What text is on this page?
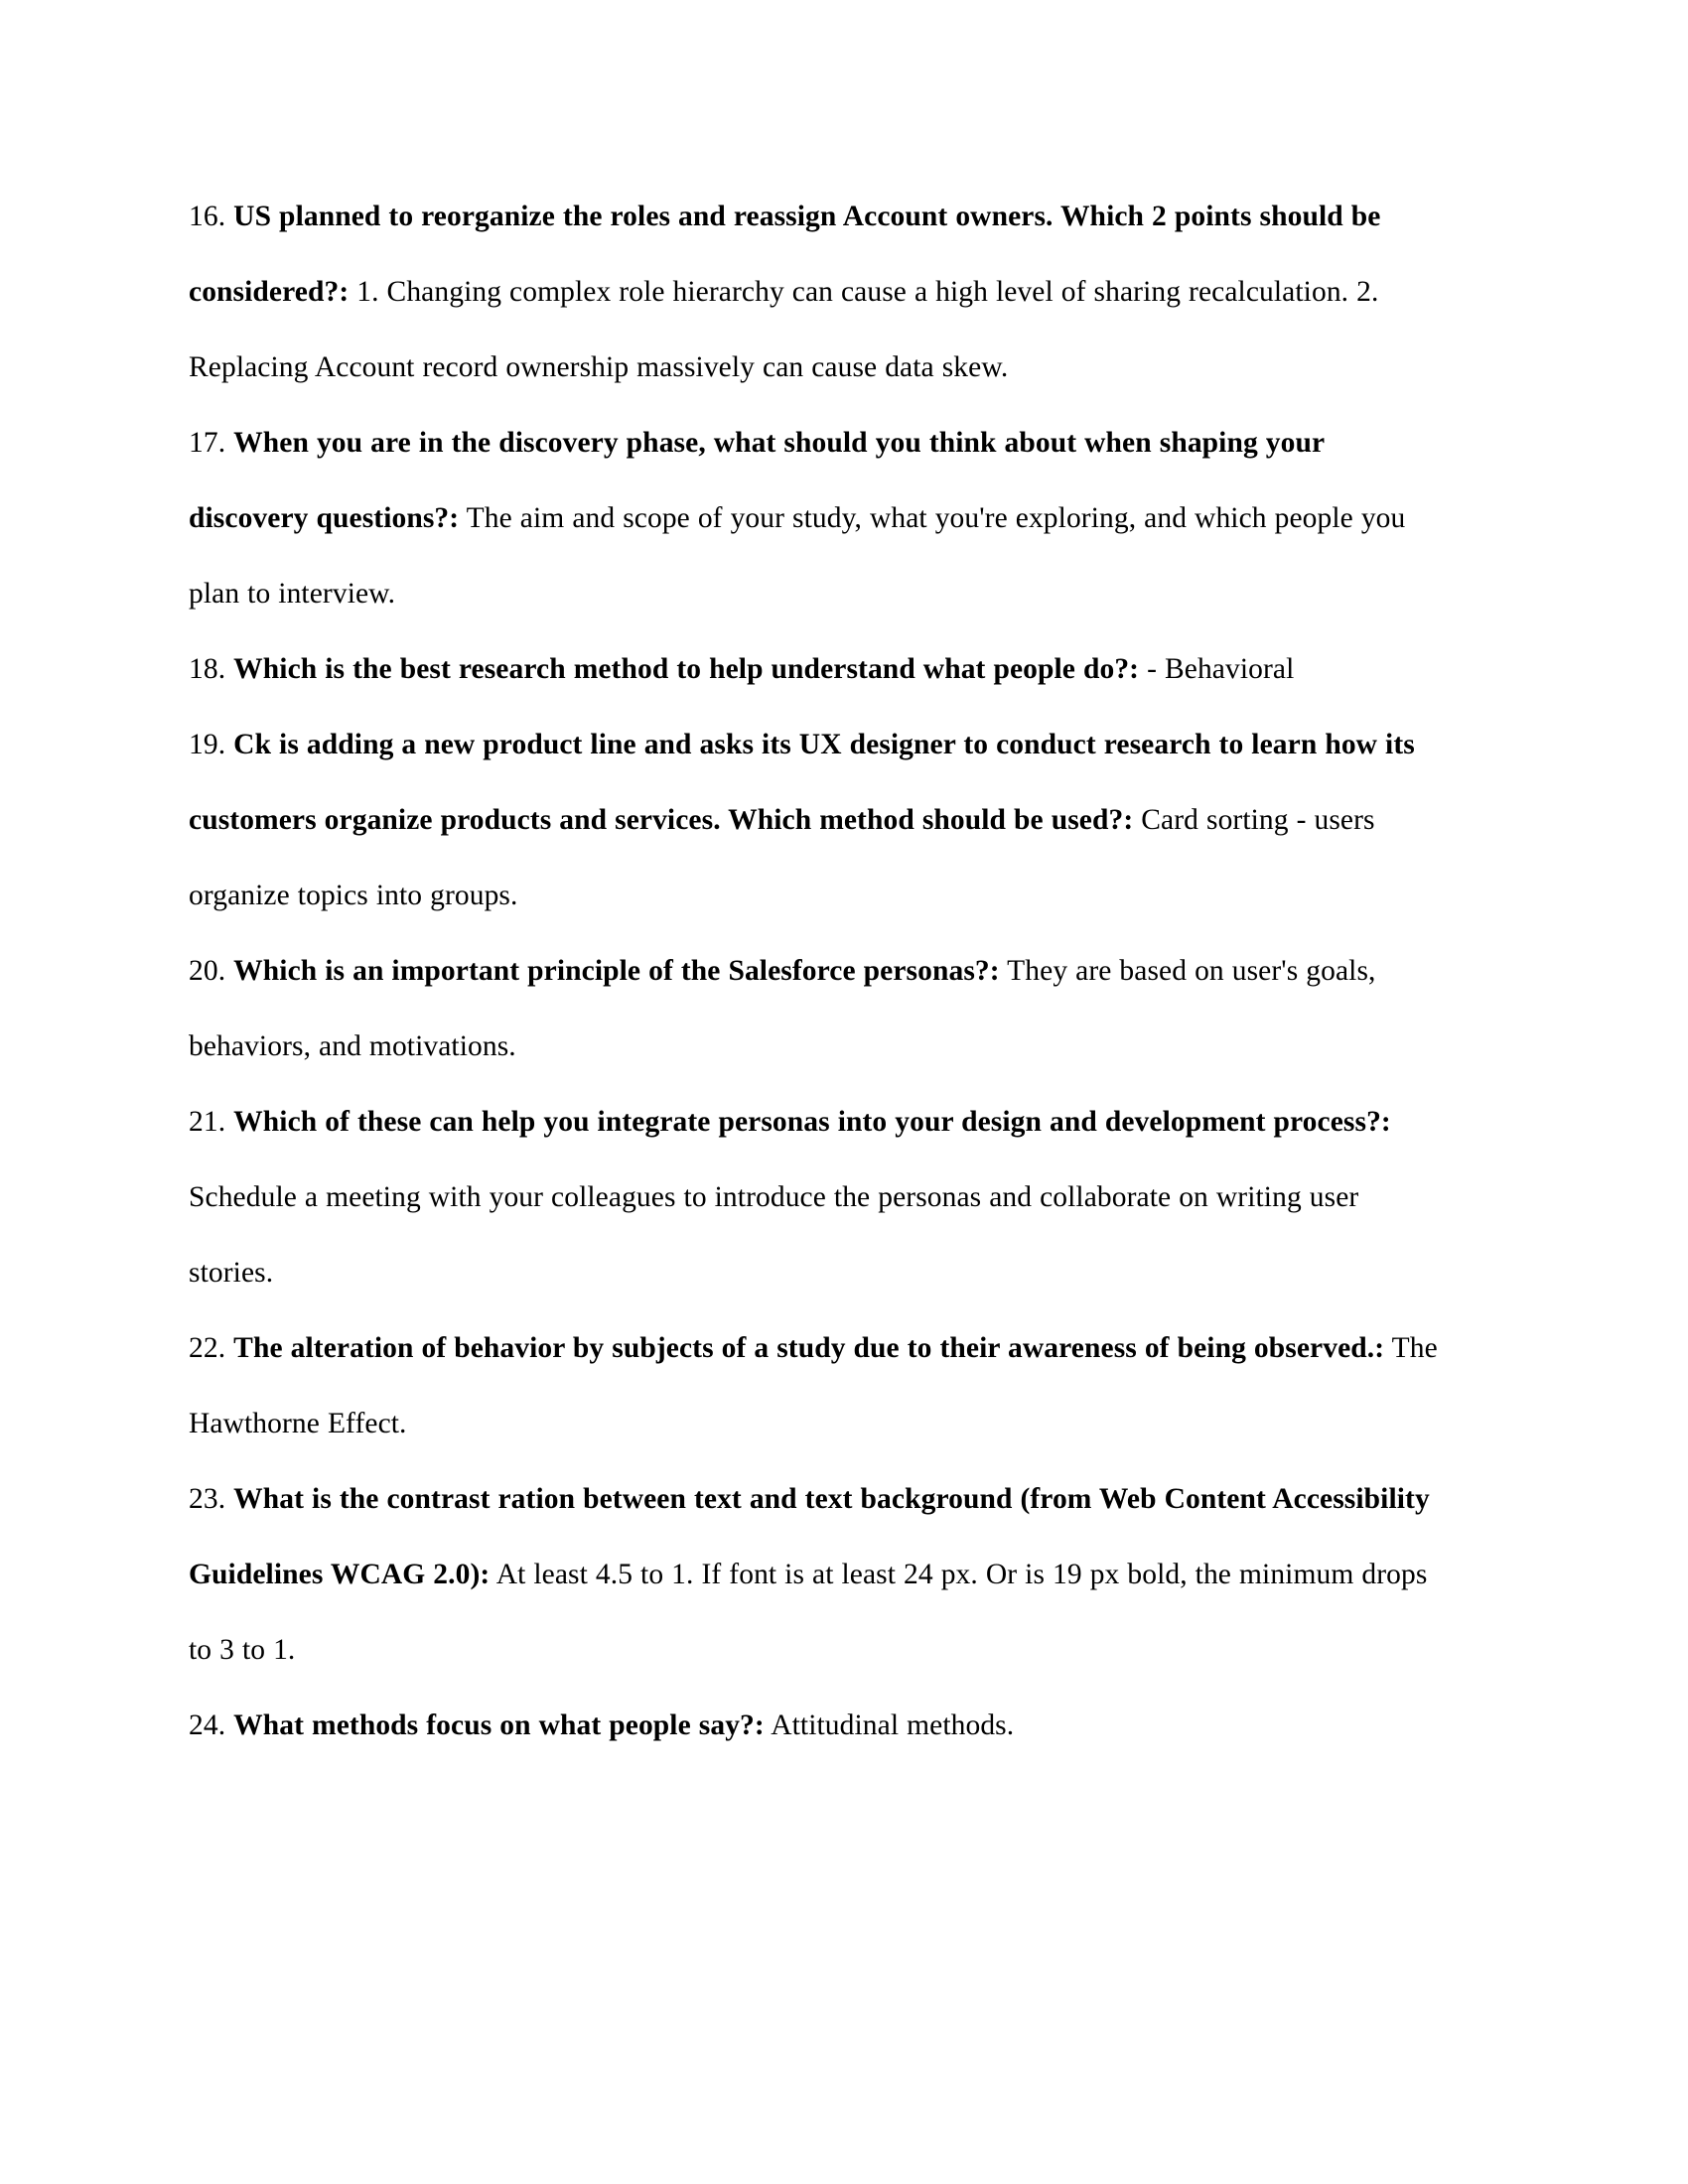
16. US planned to reorganize the roles and reassign Account owners. Which 2 points should be considered?: 1. Changing complex role hierarchy can cause a high level of sharing recalculation. 2. Replacing Account record ownership massively can cause data skew.

17. When you are in the discovery phase, what should you think about when shaping your discovery questions?: The aim and scope of your study, what you're exploring, and which people you plan to interview.

18. Which is the best research method to help understand what people do?: - Behavioral

19. Ck is adding a new product line and asks its UX designer to conduct research to learn how its customers organize products and services. Which method should be used?: Card sorting - users organize topics into groups.

20. Which is an important principle of the Salesforce personas?: They are based on user's goals, behaviors, and motivations.

21. Which of these can help you integrate personas into your design and development process?: Schedule a meeting with your colleagues to introduce the personas and collaborate on writing user stories.

22. The alteration of behavior by subjects of a study due to their awareness of being observed.: The Hawthorne Effect.

23. What is the contrast ration between text and text background (from Web Content Accessibility Guidelines WCAG 2.0): At least 4.5 to 1. If font is at least 24 px. Or is 19 px bold, the minimum drops to 3 to 1.

24. What methods focus on what people say?: Attitudinal methods.
